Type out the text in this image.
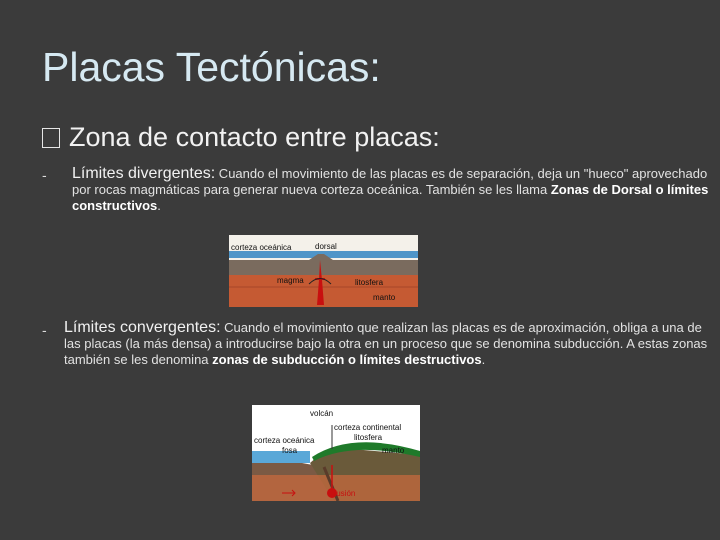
Placas Tectónicas:
Zona de contacto entre placas:
- Límites divergentes: Cuando el movimiento de las placas es de separación, deja un "hueco" aprovechado por rocas magmáticas para generar nueva corteza oceánica. También se les llama Zonas de Dorsal o límites constructivos.
corteza oceánica	dorsal
magma	litosfera
manto
- Límites convergentes: Cuando el movimiento que realizan las placas es de aproximación, obliga a una de las placas (la más densa) a introducirse bajo la otra en un proceso que se denomina subducción. A estas zonas también se les denomina zonas de subducción o límites destructivos.
volcán
corteza continental
litosfera
corteza oceánica
fosa	manto
fusión
